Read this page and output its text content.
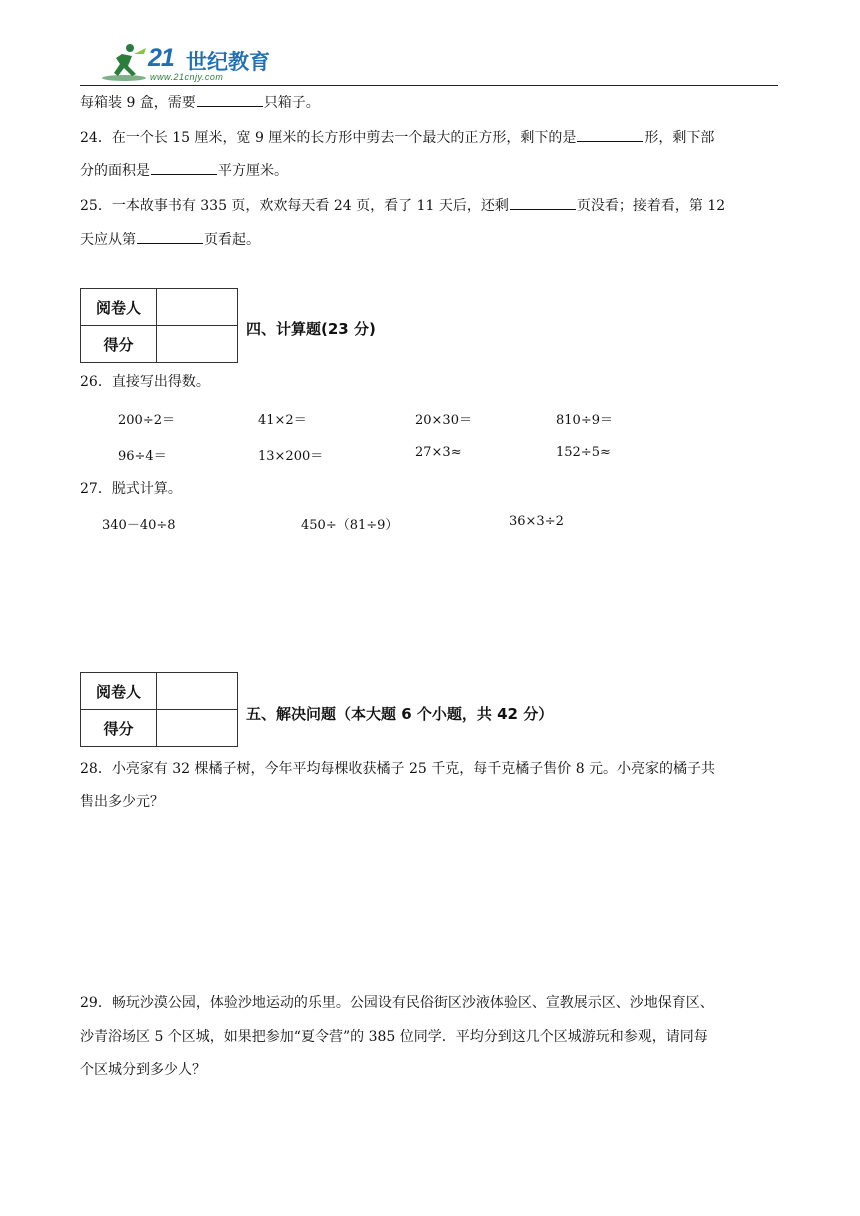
21 世纪教育
www.21cnjy.com
每箱装 9 盒，需要	只箱子。
24．在一个长 15 厘米，宽 9 厘米的长方形中剪去一个最大的正方形，剩下的是	形，剩下部
分的面积是	平方厘米。
25．一本故事书有 335 页，欢欢每天看 24 页，看了 11 天后，还剩	页没看；接着看，第 12
天应从第	页看起。
阅卷人	
得分	
四、计算题(23 分)
26．直接写出得数。
200÷2＝	41×2＝	20×30＝	810÷9＝
96÷4＝	13×200＝	27×3≈	152÷5≈
27．脱式计算。
340－40÷8	450÷（81÷9）	36×3÷2
阅卷人	
得分	
五、解决问题（本大题 6 个小题，共 42 分）
28．小亮家有 32 棵橘子树，今年平均每棵收获橘子 25 千克，每千克橘子售价 8 元。小亮家的橘子共
售出多少元？
29．畅玩沙漠公园，体验沙地运动的乐里。公园设有民俗街区沙液体验区、宣教展示区、沙地保育区、
沙青浴场区 5 个区城，如果把参加“夏令营”的 385 位同学．平均分到这几个区城游玩和参观，请同每
个区城分到多少人？
